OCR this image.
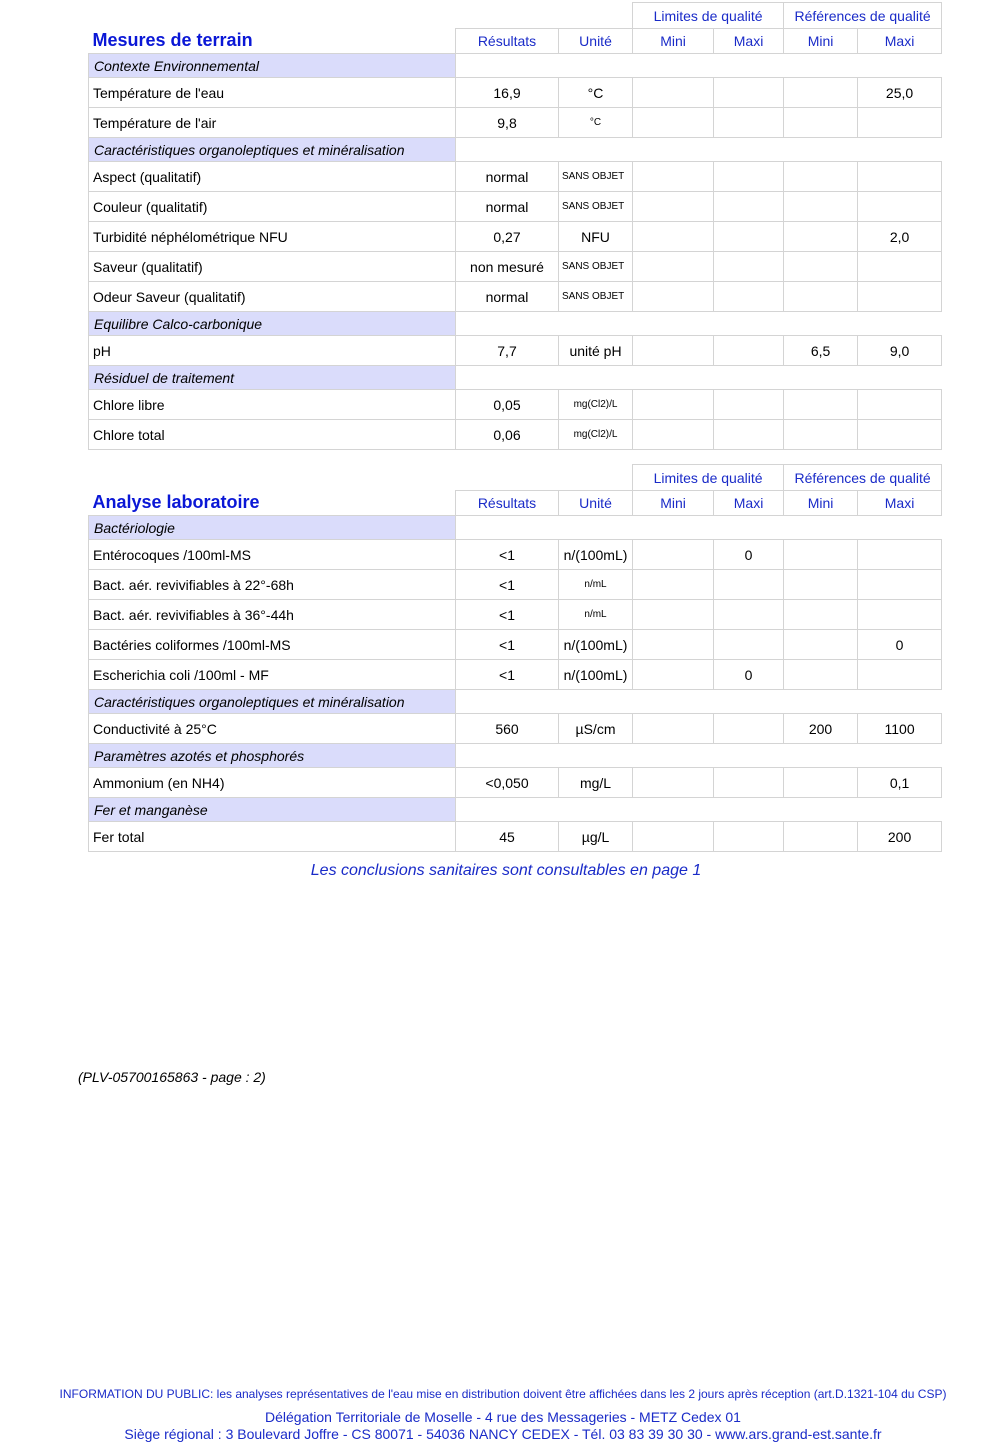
			Limites de qualité		Références de qualité	
Mesures de terrain	Résultats	Unité	Mini	Maxi	Mini	Maxi
Contexte Environnemental						
Température de l'eau	16,9	°C				25,0
Température de l'air	9,8	°C				
Caractéristiques organoleptiques et minéralisation						
Aspect (qualitatif)	normal	SANS OBJET				
Couleur (qualitatif)	normal	SANS OBJET				
Turbidité néphélométrique NFU	0,27	NFU				2,0
Saveur (qualitatif)	non mesuré	SANS OBJET				
Odeur Saveur (qualitatif)	normal	SANS OBJET				
Equilibre Calco-carbonique						
pH	7,7	unité pH			6,5	9,0
Résiduel de traitement						
Chlore libre	0,05	mg(Cl2)/L				
Chlore total	0,06	mg(Cl2)/L				
			Limites de qualité		Références de qualité	
Analyse laboratoire	Résultats	Unité	Mini	Maxi	Mini	Maxi
Bactériologie						
Entérocoques /100ml-MS	<1	n/(100mL)		0		
Bact. aér. revivifiables à 22°-68h	<1	n/mL				
Bact. aér. revivifiables à 36°-44h	<1	n/mL				
Bactéries coliformes /100ml-MS	<1	n/(100mL)				0
Escherichia coli /100ml - MF	<1	n/(100mL)		0		
Caractéristiques organoleptiques et minéralisation						
Conductivité à 25°C	560	µS/cm			200	1100
Paramètres azotés et phosphorés						
Ammonium (en NH4)	<0,050	mg/L				0,1
Fer et manganèse						
Fer total	45	µg/L				200
Les conclusions sanitaires sont consultables en page 1
(PLV-05700165863 - page : 2)
INFORMATION DU PUBLIC: les analyses représentatives de l'eau mise en distribution doivent être affichées dans les 2 jours après réception (art.D.1321-104 du CSP)
Délégation Territoriale de Moselle - 4 rue des Messageries - METZ Cedex 01
Siège régional : 3 Boulevard Joffre - CS 80071 - 54036 NANCY CEDEX - Tél. 03 83 39 30 30 - www.ars.grand-est.sante.fr
